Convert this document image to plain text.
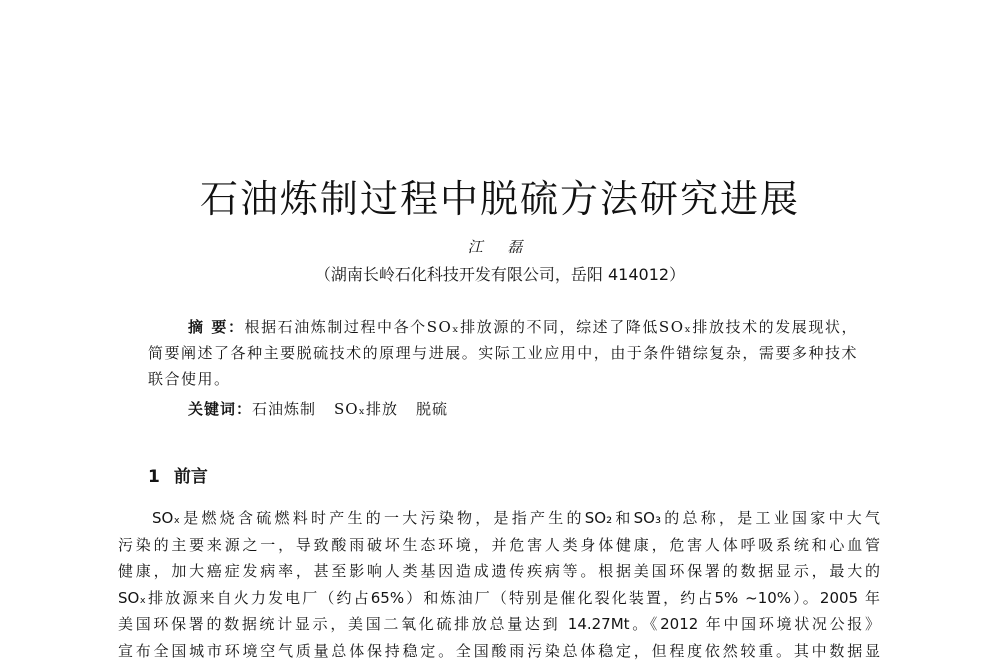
石油炼制过程中脱硫方法研究进展
江 磊
（湖南长岭石化科技开发有限公司，岳阳 414012）
摘 要：根据石油炼制过程中各个SOₓ排放源的不同，综述了降低SOₓ排放技术的发展现状，简要阐述了各种主要脱硫技术的原理与进展。实际工业应用中，由于条件错综复杂，需要多种技术联合使用。
关键词：石油炼制 SOₓ排放 脱硫
1 前言
SOₓ是燃烧含硫燃料时产生的一大污染物，是指产生的SO₂和SO₃的总称，是工业国家中大气
污染的主要来源之一，导致酸雨破坏生态环境，并危害人类身体健康，危害人体呼吸系统和心血管
健康，加大癌症发病率，甚至影响人类基因造成遗传疾病等。根据美国环保署的数据显示，最大的
SOₓ排放源来自火力发电厂（约占65%）和炼油厂（特别是催化裂化装置，约占5% ~10%）。2005 年
美国环保署的数据统计显示，美国二氧化硫排放总量达到 14.27Mt。《2012 年中国环境状况公报》
宣布全国城市环境空气质量总体保持稳定。全国酸雨污染总体稳定，但程度依然较重。其中数据显
